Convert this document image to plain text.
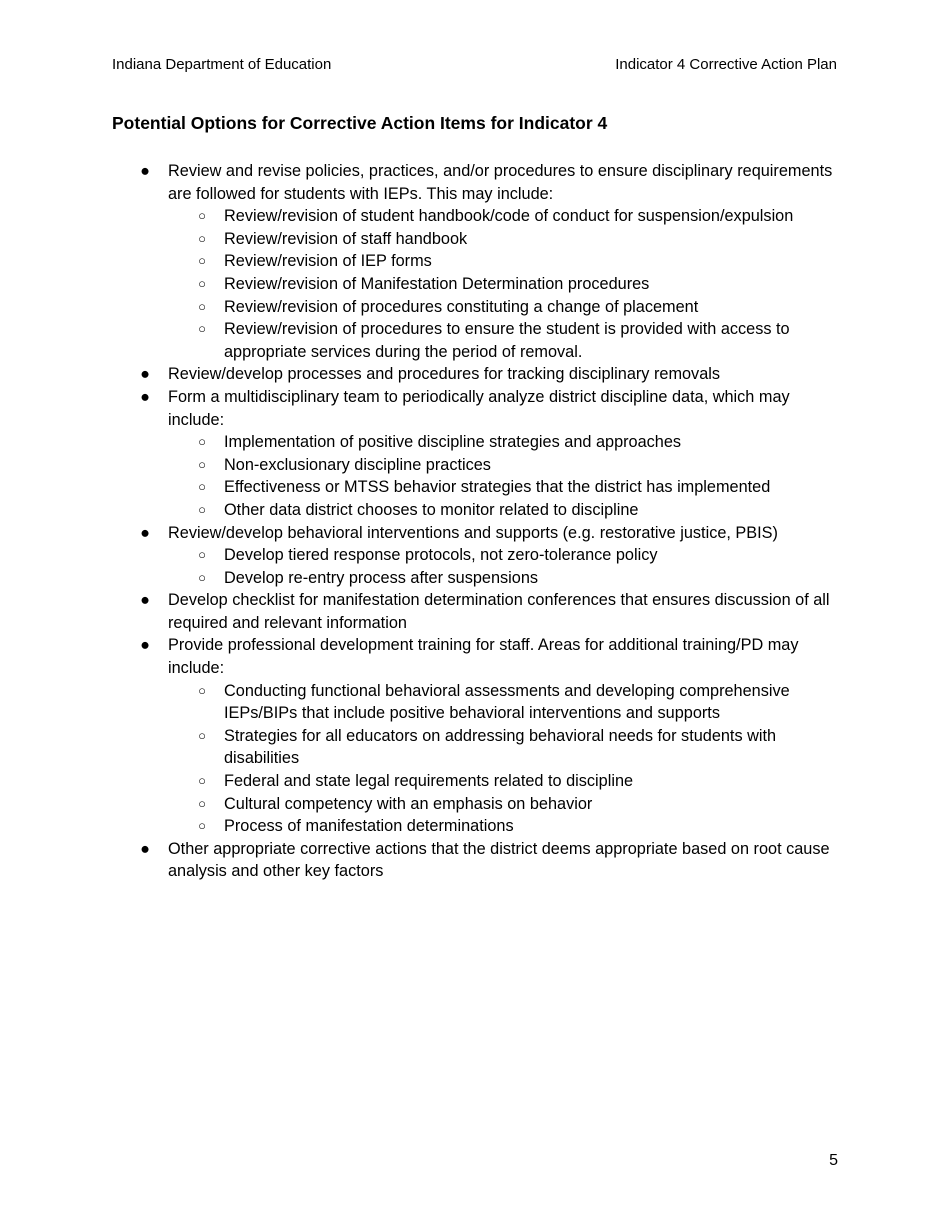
Indiana Department of Education	Indicator 4 Corrective Action Plan
Potential Options for Corrective Action Items for Indicator 4
● Review and revise policies, practices, and/or procedures to ensure disciplinary requirements are followed for students with IEPs. This may include:
○ Review/revision of student handbook/code of conduct for suspension/expulsion
○ Review/revision of staff handbook
○ Review/revision of IEP forms
○ Review/revision of Manifestation Determination procedures
○ Review/revision of procedures constituting a change of placement
○ Review/revision of procedures to ensure the student is provided with access to appropriate services during the period of removal.
● Review/develop processes and procedures for tracking disciplinary removals
● Form a multidisciplinary team to periodically analyze district discipline data, which may include:
○ Implementation of positive discipline strategies and approaches
○ Non-exclusionary discipline practices
○ Effectiveness or MTSS behavior strategies that the district has implemented
○ Other data district chooses to monitor related to discipline
● Review/develop behavioral interventions and supports (e.g. restorative justice, PBIS)
○ Develop tiered response protocols, not zero-tolerance policy
○ Develop re-entry process after suspensions
● Develop checklist for manifestation determination conferences that ensures discussion of all required and relevant information
● Provide professional development training for staff. Areas for additional training/PD may include:
○ Conducting functional behavioral assessments and developing comprehensive IEPs/BIPs that include positive behavioral interventions and supports
○ Strategies for all educators on addressing behavioral needs for students with disabilities
○ Federal and state legal requirements related to discipline
○ Cultural competency with an emphasis on behavior
○ Process of manifestation determinations
● Other appropriate corrective actions that the district deems appropriate based on root cause analysis and other key factors
5
